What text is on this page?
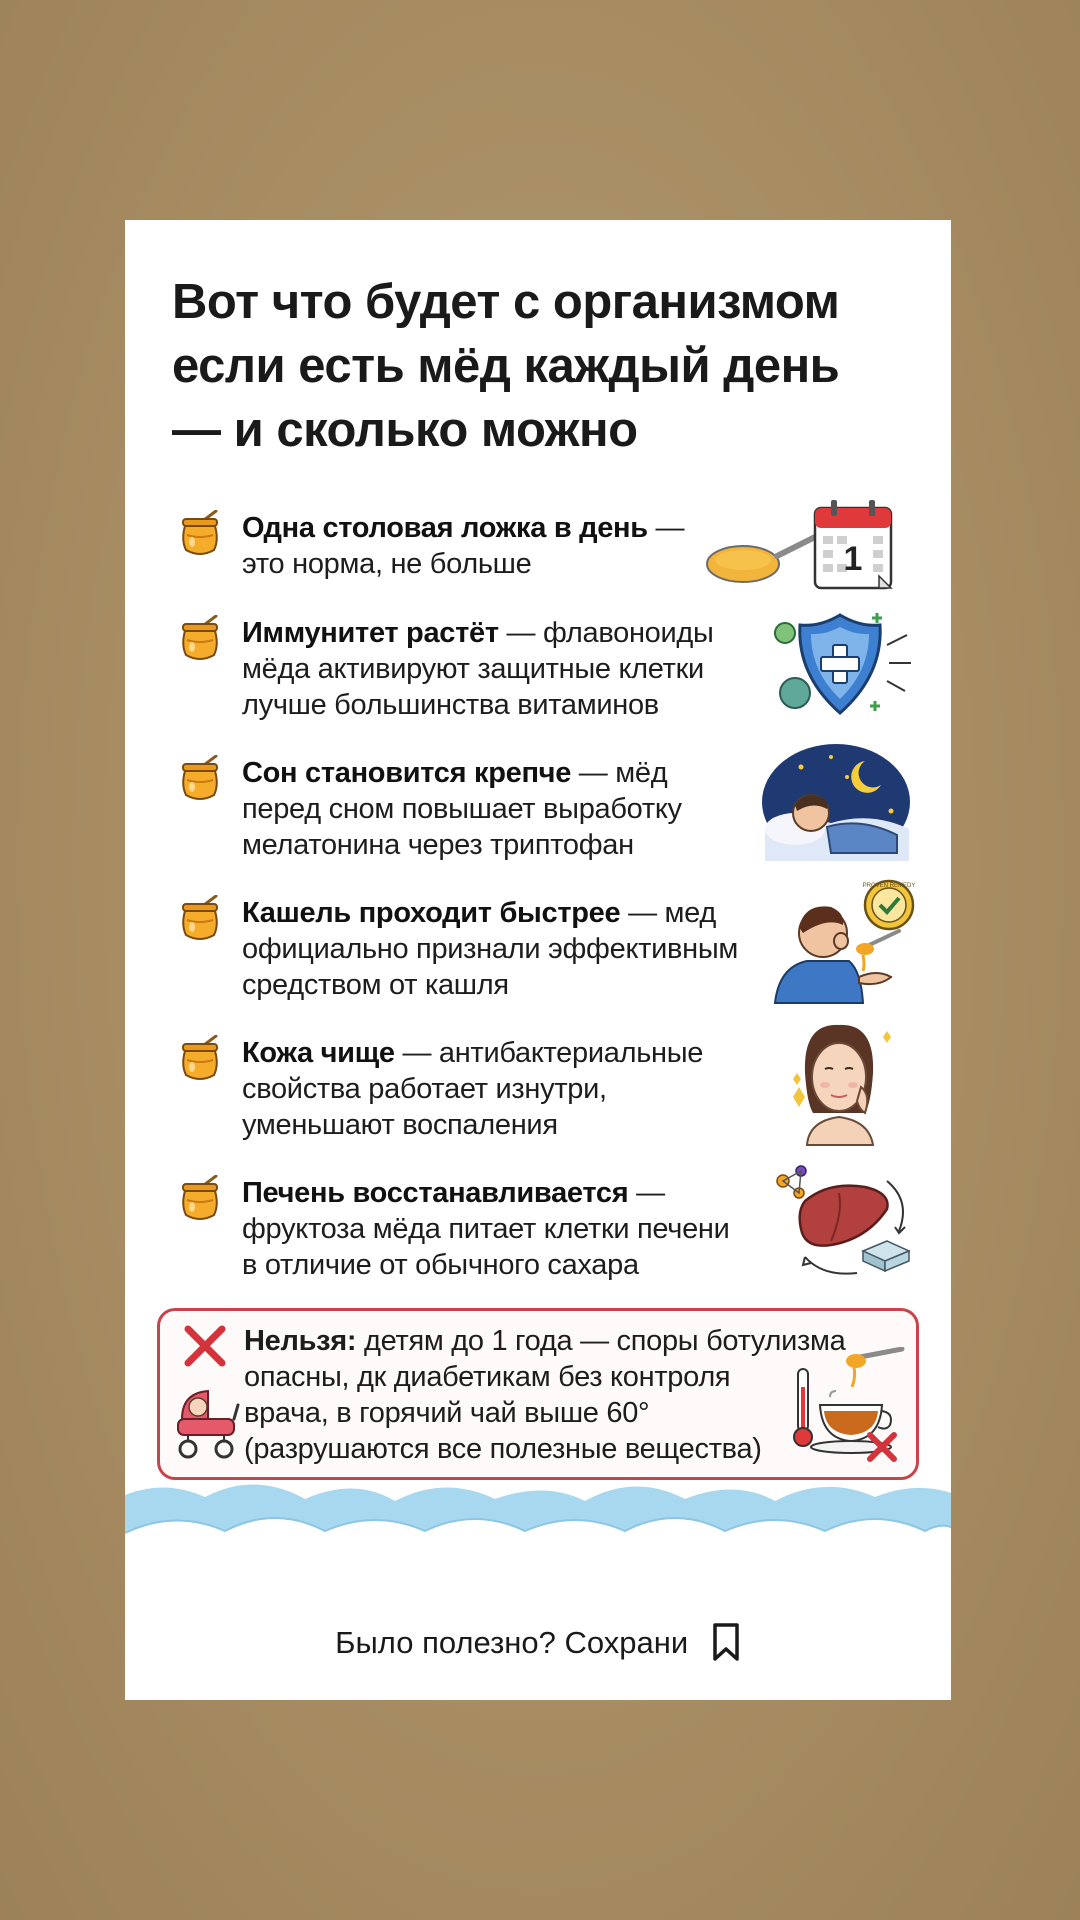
Вот что будет с организмом
если есть мёд каждый день
— и сколько можно
Одна столовая ложка в день —
это норма, не больше	1
Иммунитет растёт — флавоноиды
мёда активируют защитные клетки
лучше большинства витаминов
Сон становится крепче — мёд
перед сном повышает выработку
мелатонина через триптофан
Кашель проходит быстрее — мед
официально признали эффективным
средством от кашля
PROVEN REMEDY
Кожа чище — антибактериальные
свойства работает изнутри,
уменьшают воспаления
Печень восстанавливается —
фруктоза мёда питает клетки печени
в отличие от обычного сахара
Нельзя: детям до 1 года — споры ботулизма
опасны, дк диабетикам без контроля
врача, в горячий чай выше 60°
(разрушаются все полезные вещества)
Было полезно? Сохрани
